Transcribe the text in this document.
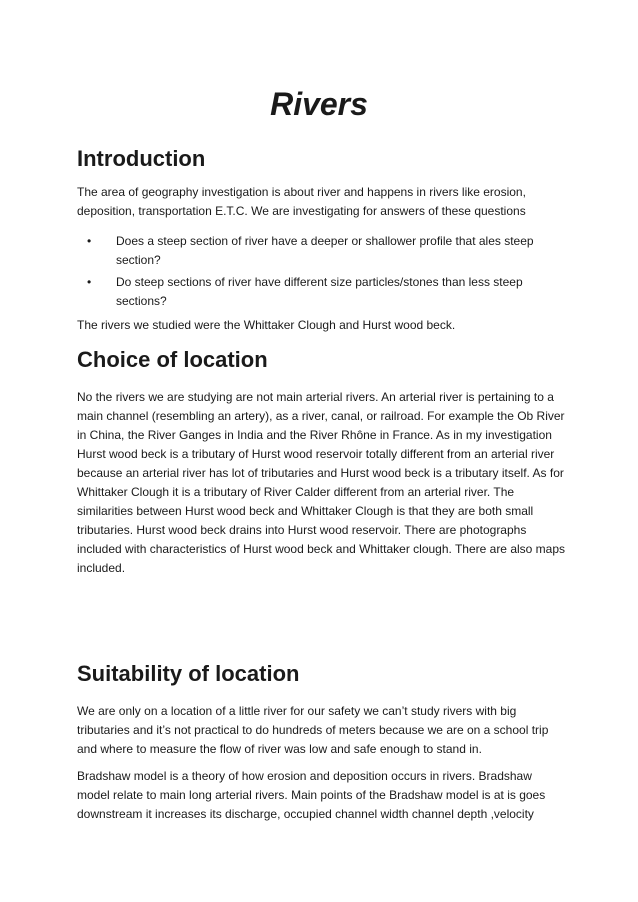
Rivers
Introduction

The area of geography investigation is about river and happens in rivers like erosion, deposition, transportation E.T.C. We are investigating for answers of these questions

• Does a steep section of river have a deeper or shallower profile that ales steep section?
• Do steep sections of river have different size particles/stones than less steep sections?

The rivers we studied were the Whittaker Clough and Hurst wood beck.

Choice of location

No the rivers we are studying are not main arterial rivers. An arterial river is pertaining to a main channel (resembling an artery), as a river, canal, or railroad. For example the Ob River in China, the River Ganges in India and the River Rhône in France. As in my investigation Hurst wood beck is a tributary of Hurst wood reservoir totally different from an arterial river because an arterial river has lot of tributaries and Hurst wood beck is a tributary itself. As for Whittaker Clough it is a tributary of River Calder different from an arterial river. The similarities between Hurst wood beck and Whittaker Clough is that they are both small tributaries. Hurst wood beck drains into Hurst wood reservoir. There are photographs included with characteristics of Hurst wood beck and Whittaker clough. There are also maps included.

Suitability of location

We are only on a location of a little river for our safety we can’t study rivers with big tributaries and it’s not practical to do hundreds of meters because we are on a school trip and where to measure the flow of river was low and safe enough to stand in.

Bradshaw model is a theory of how erosion and deposition occurs in rivers. Bradshaw model relate to main long arterial rivers. Main points of the Bradshaw model is at is goes downstream it increases its discharge, occupied channel width channel depth ,velocity
